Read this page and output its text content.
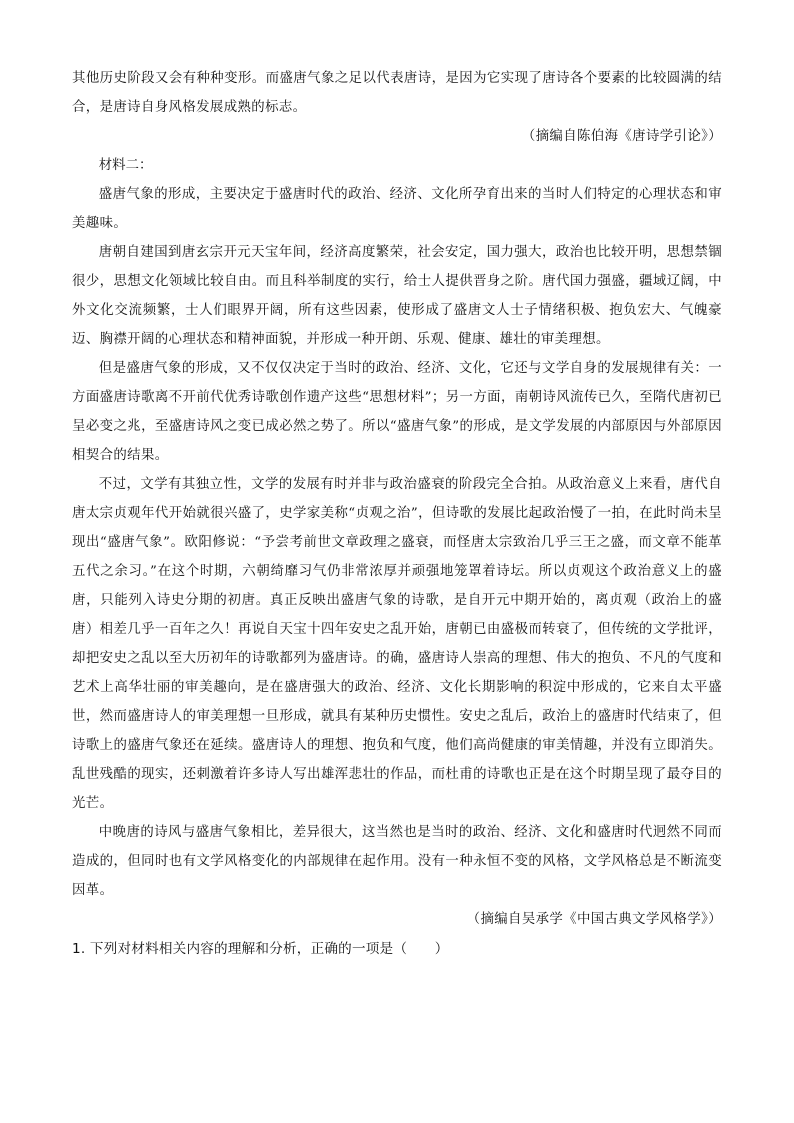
其他历史阶段又会有种种变形。而盛唐气象之足以代表唐诗，是因为它实现了唐诗各个要素的比较圆满的结合，是唐诗自身风格发展成熟的标志。

（摘编自陈伯海《唐诗学引论》）

材料二：

盛唐气象的形成，主要决定于盛唐时代的政治、经济、文化所孕育出来的当时人们特定的心理状态和审美趣味。

唐朝自建国到唐玄宗开元天宝年间，经济高度繁荣，社会安定，国力强大，政治也比较开明，思想禁锢很少，思想文化领域比较自由。而且科举制度的实行，给士人提供晋身之阶。唐代国力强盛，疆域辽阔，中外文化交流频繁，士人们眼界开阔，所有这些因素，使形成了盛唐文人士子情绪积极、抱负宏大、气魄豪迈、胸襟开阔的心理状态和精神面貌，并形成一种开朗、乐观、健康、雄壮的审美理想。

但是盛唐气象的形成，又不仅仅决定于当时的政治、经济、文化，它还与文学自身的发展规律有关：一方面盛唐诗歌离不开前代优秀诗歌创作遗产这些“思想材料”；另一方面，南朝诗风流传已久，至隋代唐初已呈必变之兆，至盛唐诗风之变已成必然之势了。所以“盛唐气象”的形成，是文学发展的内部原因与外部原因相契合的结果。

不过，文学有其独立性，文学的发展有时并非与政治盛衰的阶段完全合拍。从政治意义上来看，唐代自唐太宗贞观年代开始就很兴盛了，史学家美称“贞观之治”，但诗歌的发展比起政治慢了一拍，在此时尚未呈现出“盛唐气象”。欧阳修说：“予尝考前世文章政理之盛衰，而怪唐太宗致治几乎三王之盛，而文章不能革五代之余习。”在这个时期，六朝绮靡习气仍非常浓厚并顽强地笼罩着诗坛。所以贞观这个政治意义上的盛唐，只能列入诗史分期的初唐。真正反映出盛唐气象的诗歌，是自开元中期开始的，离贞观（政治上的盛唐）相差几乎一百年之久！再说自天宝十四年安史之乱开始，唐朝已由盛极而转衰了，但传统的文学批评，却把安史之乱以至大历初年的诗歌都列为盛唐诗。的确，盛唐诗人崇高的理想、伟大的抱负、不凡的气度和艺术上高华壮丽的审美趣向，是在盛唐强大的政治、经济、文化长期影响的积淀中形成的，它来自太平盛世，然而盛唐诗人的审美理想一旦形成，就具有某种历史惯性。安史之乱后，政治上的盛唐时代结束了，但诗歌上的盛唐气象还在延续。盛唐诗人的理想、抱负和气度，他们高尚健康的审美情趣，并没有立即消失。乱世残酷的现实，还刺激着许多诗人写出雄浑悲壮的作品，而杜甫的诗歌也正是在这个时期呈现了最夺目的光芒。

中晚唐的诗风与盛唐气象相比，差异很大，这当然也是当时的政治、经济、文化和盛唐时代迥然不同而造成的，但同时也有文学风格变化的内部规律在起作用。没有一种永恒不变的风格，文学风格总是不断流变因革。

（摘编自吴承学《中国古典文学风格学》）

1. 下列对材料相关内容的理解和分析，正确的一项是（　　）
